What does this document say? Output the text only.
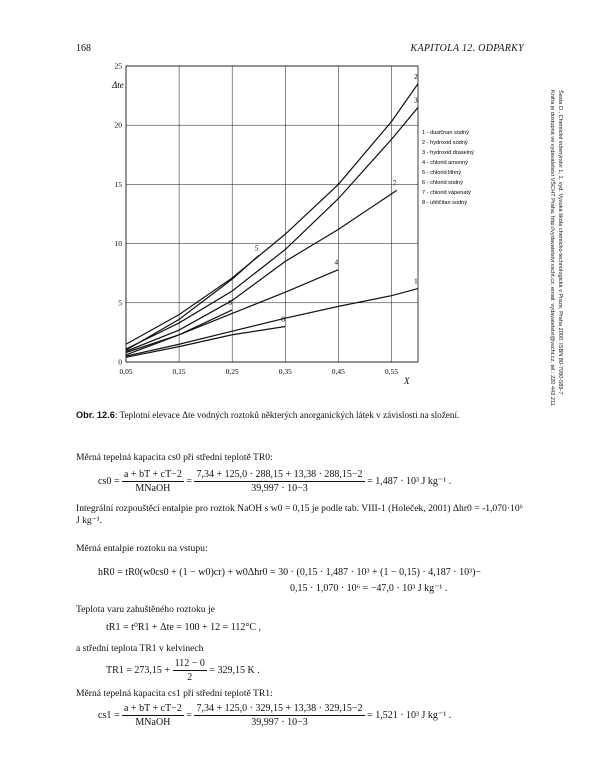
168	KAPITOLA 12. ODPARKY
Šesta D., Chemické inženýrství 1, 1. vyd. Vysoká škola chemicko-technologická v Praze, Praha 2000. ISBN 80-7080-589-7
Kniha je dostupná ve vydavatelství VŠCHT Praha, http://vydavatelstvi.vscht.cz, email: vydavatelstvi@vscht.cz, tel.: 220 443 211
0,05	0,15	0,25	0,35	0,45	0,55
0
5
10
15
20
25
Δte
X
1
2
3
4
5
6
7
8
1 - dusičnan sodný
2 - hydroxid sodný
3 - hydroxid draselný
4 - chlorid amonný
5 - chlorid lithný
6 - chlorid sodný
7 - chlorid vápenatý
8 - uhličitan sodný
Obr. 12.6: Teplotní elevace Δte vodných roztoků některých anorganických látek v závislosti na složení.
Měrná tepelná kapacita cs0 při střední teplotě TR0:
$cs0 = \frac{a + bT + cT-2}{\text{MNaOH}} = \frac{7,34 + 125,0 \cdot 288,15 + 13,38 \cdot 288,15-2}{39,997 \cdot 10-3} = 1,487 \cdot 10^3$ J kg⁻¹ .
Integrální rozpouštěcí entalpie pro roztok NaOH s w0 = 0,15 je podle tab. VIII-1 (Holeček, 2001) Δhr0 = -1,070·10⁶ J kg⁻¹.
Měrná entalpie roztoku na vstupu:
hR0 = tR0(w0cs0 + (1 − w0)cr) + w0Δhr0 = 30 · (0,15 · 1,487 · 10³ + (1 − 0,15) · 4,187 · 10³)−
0,15 · 1,070 · 10⁶ = −47,0 · 10³ J kg⁻¹ .
Teplota varu zahuštěného roztoku je
tR1 = t⁰R1 + Δte = 100 + 12 = 112°C ,
a střední teplota TR1 v kelvinech
$TR1 = 273,15 + \frac{112 - 0}{2} = 329,15$ K .
Měrná tepelná kapacita cs1 při střední teplotě TR1:
$cs1 = \frac{a + bT + cT-2}{\text{MNaOH}} = \frac{7,34 + 125,0 \cdot 329,15 + 13,38 \cdot 329,15-2}{39,997 \cdot 10-3} = 1,521 \cdot 10^3$ J kg⁻¹ .
